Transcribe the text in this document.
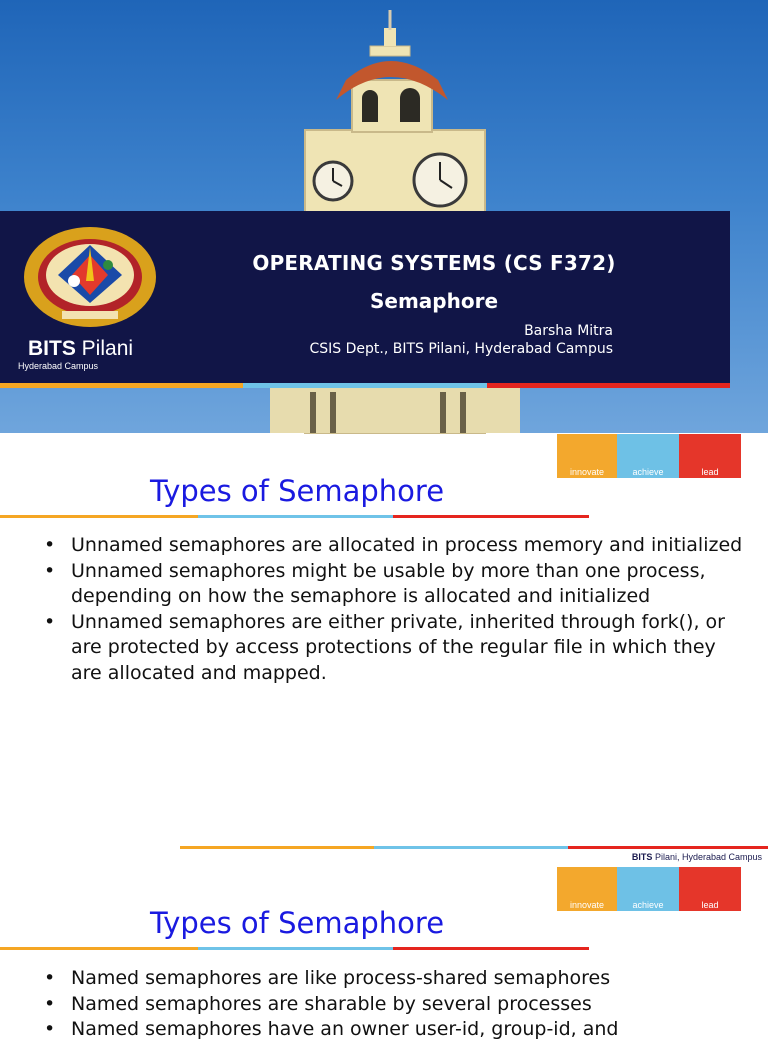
BITS Pilani
Hyderabad Campus
OPERATING SYSTEMS (CS F372)
Semaphore
Barsha Mitra
CSIS Dept., BITS Pilani, Hyderabad Campus
innovate	achieve	lead
Types of Semaphore
• Unnamed semaphores are allocated in process memory and initialized
• Unnamed semaphores might be usable by more than one process, depending on how the semaphore is allocated and initialized
• Unnamed semaphores are either private, inherited through fork(), or are protected by access protections of the regular file in which they are allocated and mapped.
BITS Pilani, Hyderabad Campus
innovate	achieve	lead
Types of Semaphore
• Named semaphores are like process-shared semaphores
• Named semaphores are sharable by several processes
• Named semaphores have an owner user-id, group-id, and
